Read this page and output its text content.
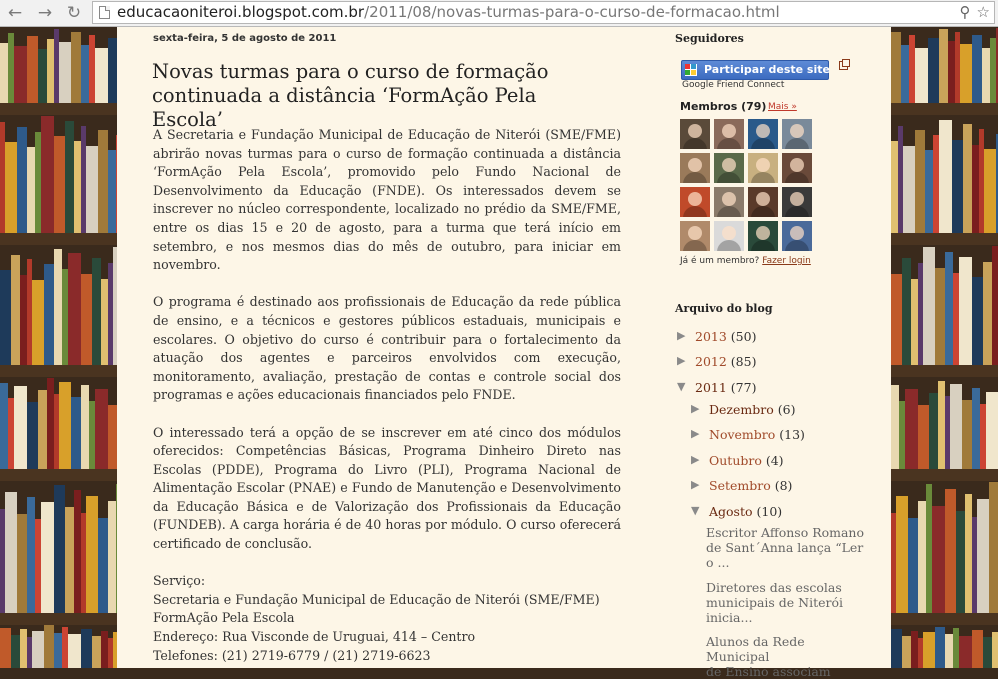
← → ↻ educacaoniteroi.blogspot.com.br/2011/08/novas-turmas-para-o-curso-de-formacao.html	⚲ ☆
sexta-feira, 5 de agosto de 2011
Novas turmas para o curso de formação
continuada a distância ‘FormAção Pela Escola’

A Secretaria e Fundação Municipal de Educação de Niterói (SME/FME) abrirão novas turmas para o curso de formação continuada a distância ‘FormAção Pela Escola’, promovido pelo Fundo Nacional de Desenvolvimento da Educação (FNDE). Os interessados devem se inscrever no núcleo correspondente, localizado no prédio da SME/FME, entre os dias 15 e 20 de agosto, para a turma que terá início em setembro, e nos mesmos dias do mês de outubro, para iniciar em novembro.

O programa é destinado aos profissionais de Educação da rede pública de ensino, e a técnicos e gestores públicos estaduais, municipais e escolares. O objetivo do curso é contribuir para o fortalecimento da atuação dos agentes e parceiros envolvidos com execução, monitoramento, avaliação, prestação de contas e controle social dos programas e ações educacionais financiados pelo FNDE.

O interessado terá a opção de se inscrever em até cinco dos módulos oferecidos: Competências Básicas, Programa Dinheiro Direto nas Escolas (PDDE), Programa do Livro (PLI), Programa Nacional de Alimentação Escolar (PNAE) e Fundo de Manutenção e Desenvolvimento da Educação Básica e de Valorização dos Profissionais da Educação (FUNDEB). A carga horária é de 40 horas por módulo. O curso oferecerá certificado de conclusão.

Serviço:

Secretaria e Fundação Municipal de Educação de Niterói (SME/FME)

FormAção Pela Escola

Endereço: Rua Visconde de Uruguai, 414 – Centro

Telefones: (21) 2719-6779 / (21) 2719-6623

Seguidores
Participar deste site
Google Friend Connect
Membros (79) Mais »
Já é um membro? Fazer login
Arquivo do blog
▶ 2013 (50)
▶ 2012 (85)
▼ 2011 (77)
▶ Dezembro (6)
▶ Novembro (13)
▶ Outubro (4)
▶ Setembro (8)
▼ Agosto (10)
Escritor Affonso Romano
de Sant´Anna lança “Ler
o ...
Diretores das escolas
municipais de Niterói
inicia...
Alunos da Rede Municipal
de Ensino associam
